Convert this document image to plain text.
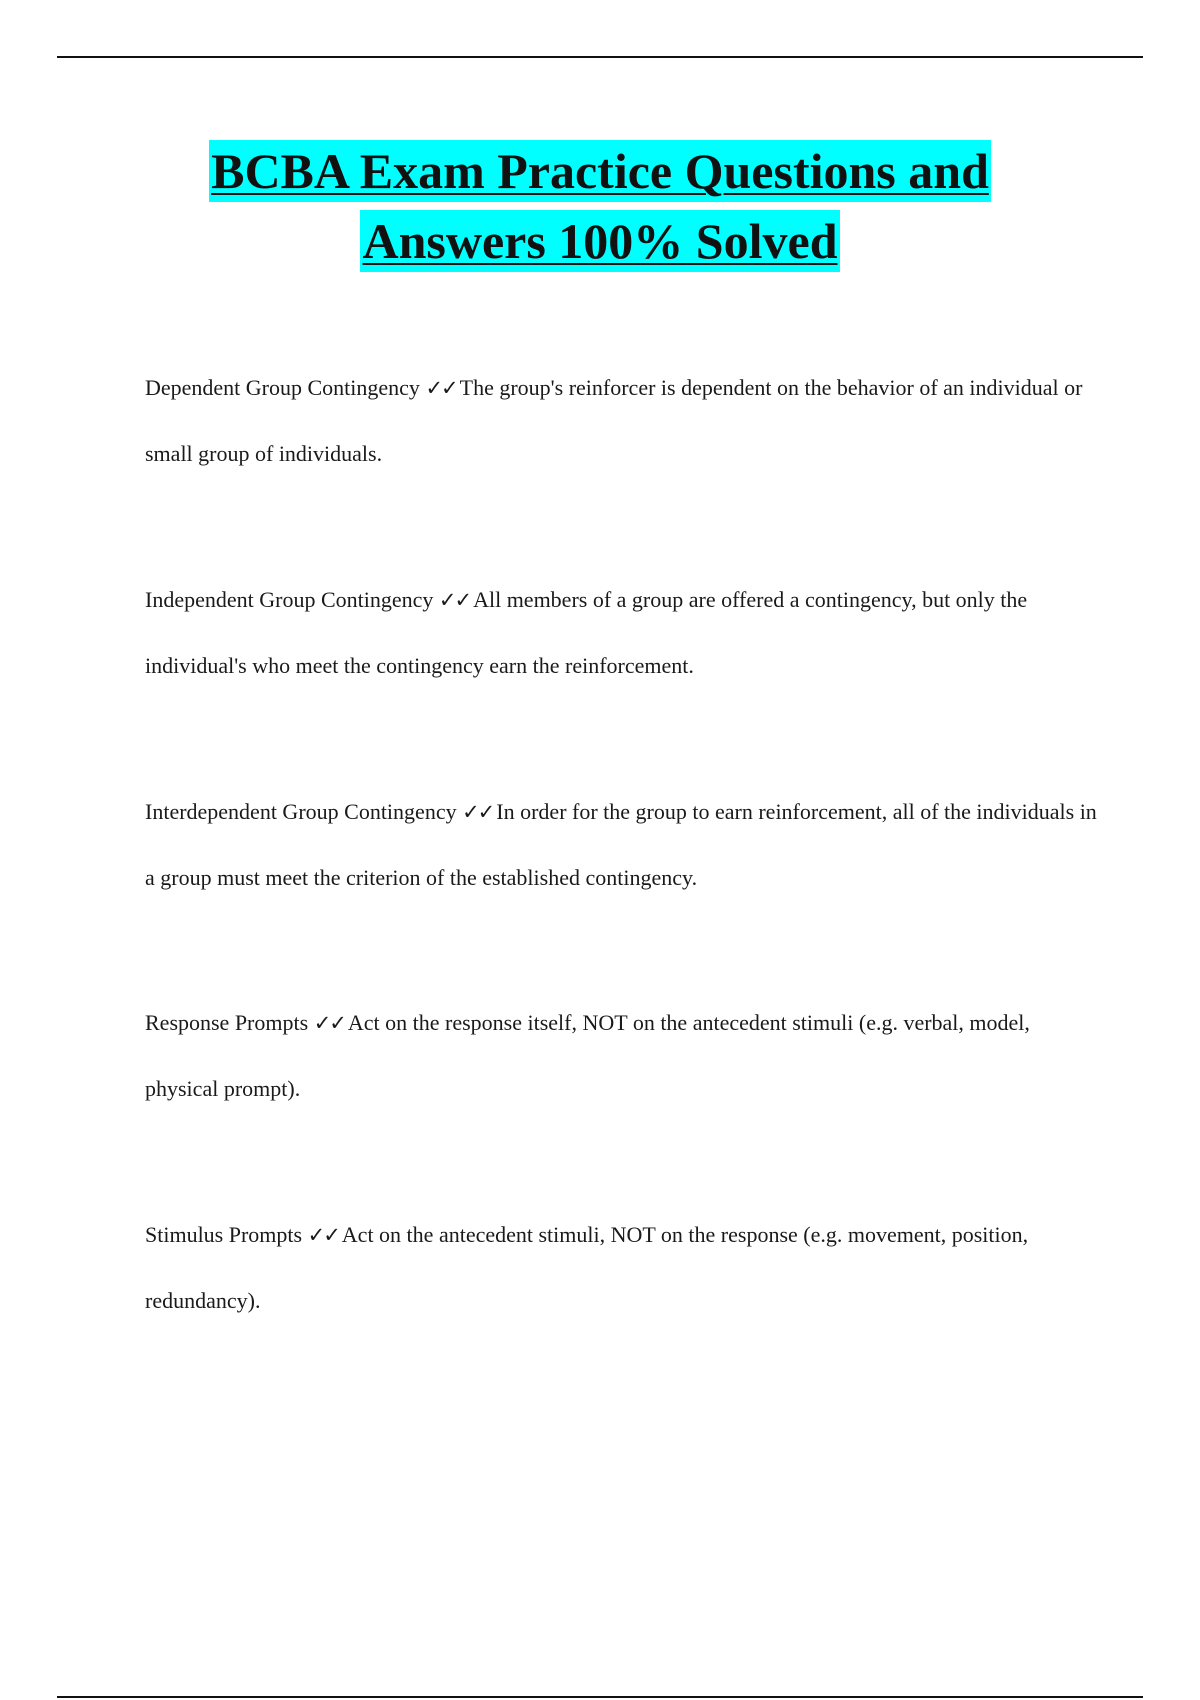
BCBA Exam Practice Questions and
Answers 100% Solved
Dependent Group Contingency ✓✓ The group's reinforcer is dependent on the behavior of an individual or small group of individuals.
Independent Group Contingency ✓✓ All members of a group are offered a contingency, but only the individual's who meet the contingency earn the reinforcement.
Interdependent Group Contingency ✓✓ In order for the group to earn reinforcement, all of the individuals in a group must meet the criterion of the established contingency.
Response Prompts ✓✓ Act on the response itself, NOT on the antecedent stimuli (e.g. verbal, model, physical prompt).
Stimulus Prompts ✓✓ Act on the antecedent stimuli, NOT on the response (e.g. movement, position, redundancy).
